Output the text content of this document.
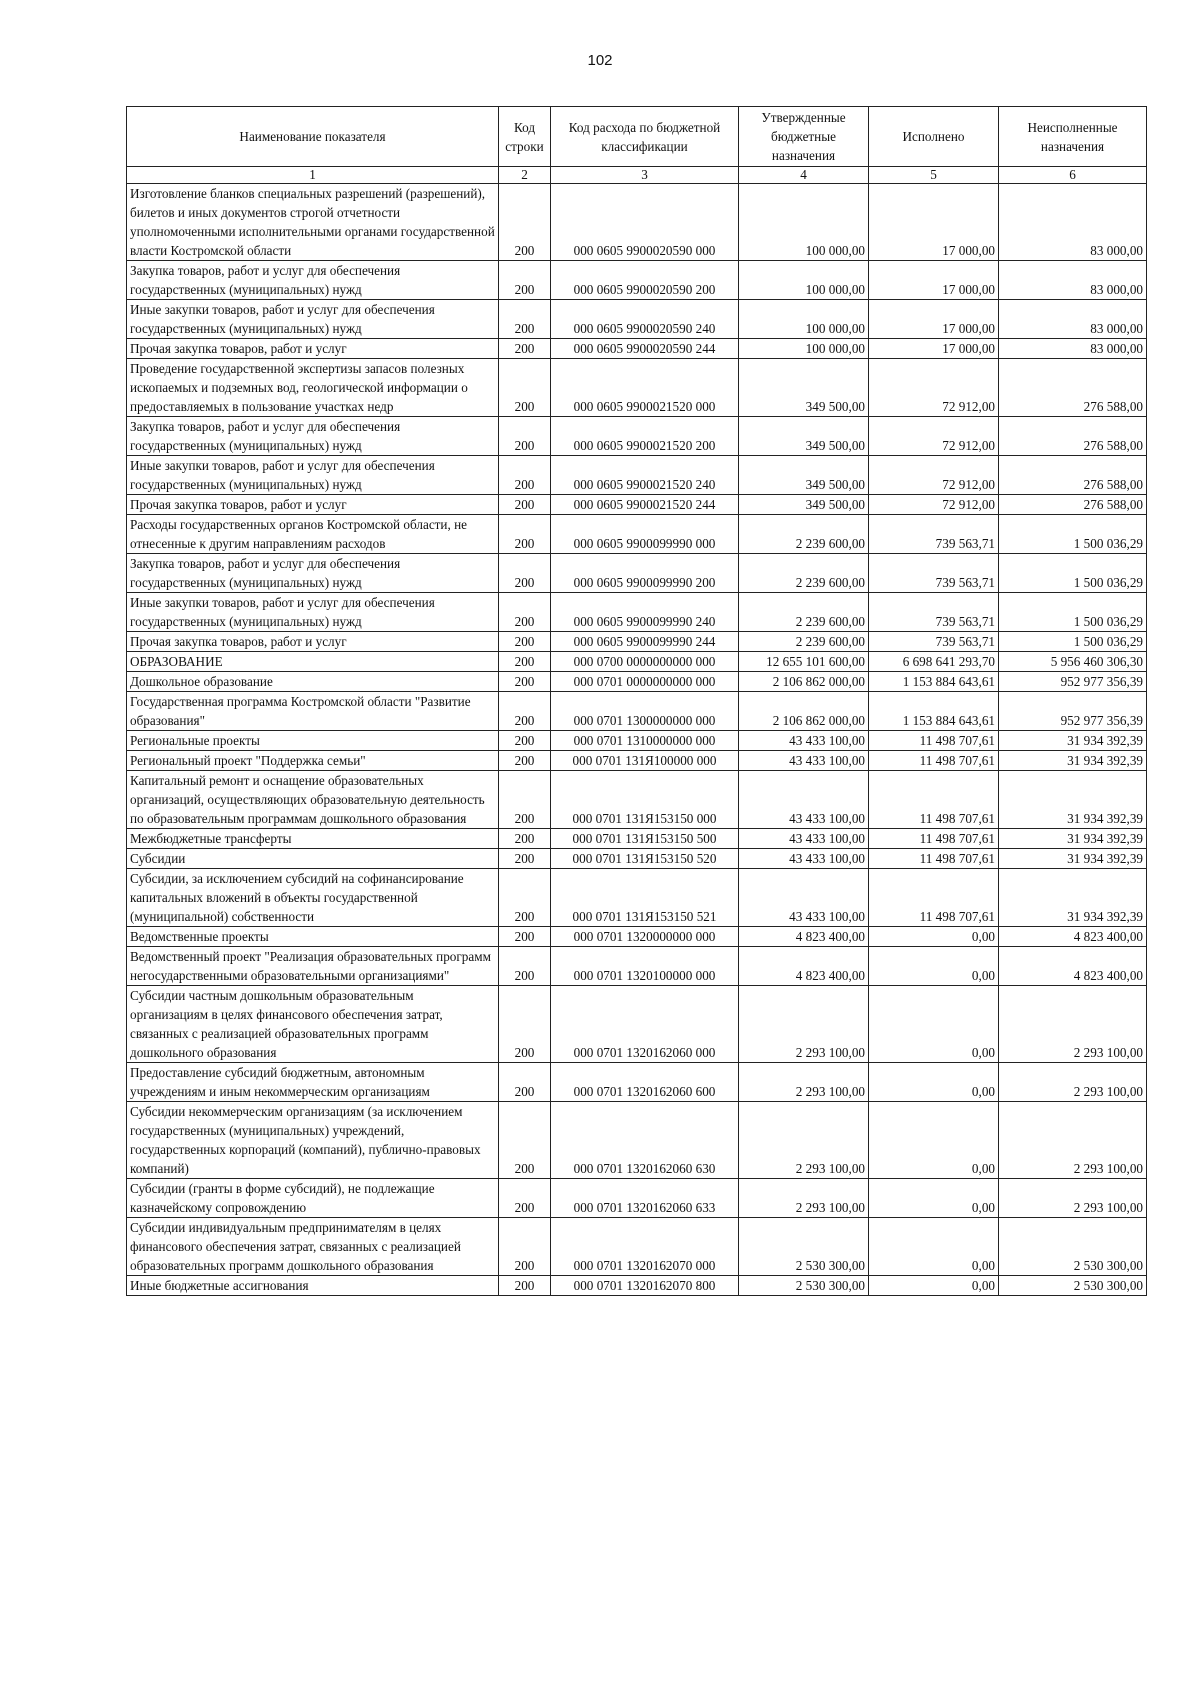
102
Наименование показателя	Код строки	Код расхода по бюджетной классификации	Утвержденные бюджетные назначения	Исполнено	Неисполненные назначения
1	2	3	4	5	6
Изготовление бланков специальных разрешений (разрешений), билетов и иных документов строгой отчетности уполномоченными исполнительными органами государственной власти Костромской области	200	000 0605 9900020590 000	100 000,00	17 000,00	83 000,00
Закупка товаров, работ и услуг для обеспечения государственных (муниципальных) нужд	200	000 0605 9900020590 200	100 000,00	17 000,00	83 000,00
Иные закупки товаров, работ и услуг для обеспечения государственных (муниципальных) нужд	200	000 0605 9900020590 240	100 000,00	17 000,00	83 000,00
Прочая закупка товаров, работ и услуг	200	000 0605 9900020590 244	100 000,00	17 000,00	83 000,00
Проведение государственной экспертизы запасов полезных ископаемых и подземных вод, геологической информации о предоставляемых в пользование участках недр	200	000 0605 9900021520 000	349 500,00	72 912,00	276 588,00
Закупка товаров, работ и услуг для обеспечения государственных (муниципальных) нужд	200	000 0605 9900021520 200	349 500,00	72 912,00	276 588,00
Иные закупки товаров, работ и услуг для обеспечения государственных (муниципальных) нужд	200	000 0605 9900021520 240	349 500,00	72 912,00	276 588,00
Прочая закупка товаров, работ и услуг	200	000 0605 9900021520 244	349 500,00	72 912,00	276 588,00
Расходы государственных органов Костромской области, не отнесенные к другим направлениям расходов	200	000 0605 9900099990 000	2 239 600,00	739 563,71	1 500 036,29
Закупка товаров, работ и услуг для обеспечения государственных (муниципальных) нужд	200	000 0605 9900099990 200	2 239 600,00	739 563,71	1 500 036,29
Иные закупки товаров, работ и услуг для обеспечения государственных (муниципальных) нужд	200	000 0605 9900099990 240	2 239 600,00	739 563,71	1 500 036,29
Прочая закупка товаров, работ и услуг	200	000 0605 9900099990 244	2 239 600,00	739 563,71	1 500 036,29
ОБРАЗОВАНИЕ	200	000 0700 0000000000 000	12 655 101 600,00	6 698 641 293,70	5 956 460 306,30
Дошкольное образование	200	000 0701 0000000000 000	2 106 862 000,00	1 153 884 643,61	952 977 356,39
Государственная программа Костромской области "Развитие образования"	200	000 0701 1300000000 000	2 106 862 000,00	1 153 884 643,61	952 977 356,39
Региональные проекты	200	000 0701 1310000000 000	43 433 100,00	11 498 707,61	31 934 392,39
Региональный проект "Поддержка семьи"	200	000 0701 131Я100000 000	43 433 100,00	11 498 707,61	31 934 392,39
Капитальный ремонт и оснащение образовательных организаций, осуществляющих образовательную деятельность по образовательным программам дошкольного образования	200	000 0701 131Я153150 000	43 433 100,00	11 498 707,61	31 934 392,39
Межбюджетные трансферты	200	000 0701 131Я153150 500	43 433 100,00	11 498 707,61	31 934 392,39
Субсидии	200	000 0701 131Я153150 520	43 433 100,00	11 498 707,61	31 934 392,39
Субсидии, за исключением субсидий на софинансирование капитальных вложений в объекты государственной (муниципальной) собственности	200	000 0701 131Я153150 521	43 433 100,00	11 498 707,61	31 934 392,39
Ведомственные проекты	200	000 0701 1320000000 000	4 823 400,00	0,00	4 823 400,00
Ведомственный проект "Реализация образовательных программ негосударственными образовательными организациями"	200	000 0701 1320100000 000	4 823 400,00	0,00	4 823 400,00
Субсидии частным дошкольным образовательным организациям в целях финансового обеспечения затрат, связанных с реализацией образовательных программ дошкольного образования	200	000 0701 1320162060 000	2 293 100,00	0,00	2 293 100,00
Предоставление субсидий бюджетным, автономным учреждениям и иным некоммерческим организациям	200	000 0701 1320162060 600	2 293 100,00	0,00	2 293 100,00
Субсидии некоммерческим организациям (за исключением государственных (муниципальных) учреждений, государственных корпораций (компаний), публично-правовых компаний)	200	000 0701 1320162060 630	2 293 100,00	0,00	2 293 100,00
Субсидии (гранты в форме субсидий), не подлежащие казначейскому сопровождению	200	000 0701 1320162060 633	2 293 100,00	0,00	2 293 100,00
Субсидии индивидуальным предпринимателям в целях финансового обеспечения затрат, связанных с реализацией образовательных программ дошкольного образования	200	000 0701 1320162070 000	2 530 300,00	0,00	2 530 300,00
Иные бюджетные ассигнования	200	000 0701 1320162070 800	2 530 300,00	0,00	2 530 300,00
